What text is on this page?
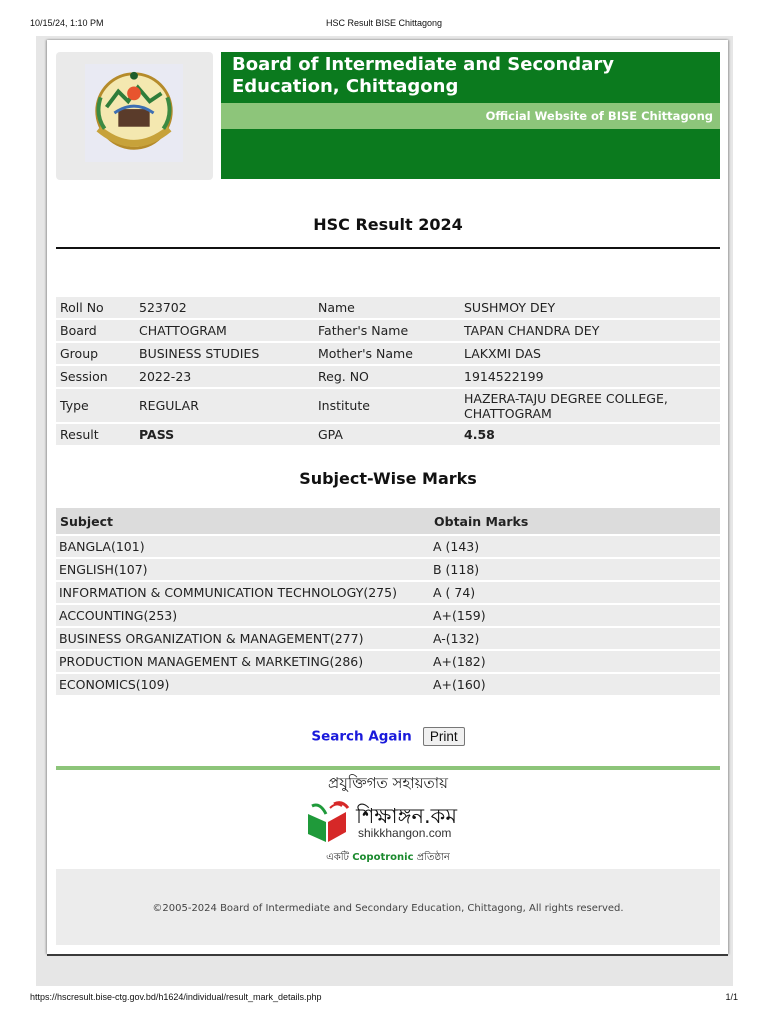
10/15/24, 1:10 PM	HSC Result BISE Chittagong
Board of Intermediate and Secondary Education, Chittagong
Official Website of BISE Chittagong
HSC Result 2024
Roll No	523702	Name	SUSHMOY DEY
Board	CHATTOGRAM	Father's Name	TAPAN CHANDRA DEY
Group	BUSINESS STUDIES	Mother's Name	LAKXMI DAS
Session	2022-23	Reg. NO	1914522199
Type	REGULAR	Institute	HAZERA-TAJU DEGREE COLLEGE, CHATTOGRAM
Result	PASS	GPA	4.58
Subject-Wise Marks
Subject	Obtain Marks
BANGLA(101)	A (143)
ENGLISH(107)	B (118)
INFORMATION & COMMUNICATION TECHNOLOGY(275)	A ( 74)
ACCOUNTING(253)	A+(159)
BUSINESS ORGANIZATION & MANAGEMENT(277)	A-(132)
PRODUCTION MANAGEMENT & MARKETING(286)	A+(182)
ECONOMICS(109)	A+(160)
Search Again Print
প্রযুক্তিগত সহায়তায়
শিক্ষাঙ্গন.কম
shikkhangon.com
একটি Copotronic প্রতিষ্ঠান
©2005-2024 Board of Intermediate and Secondary Education, Chittagong, All rights reserved.
https://hscresult.bise-ctg.gov.bd/h1624/individual/result_mark_details.php	1/1
